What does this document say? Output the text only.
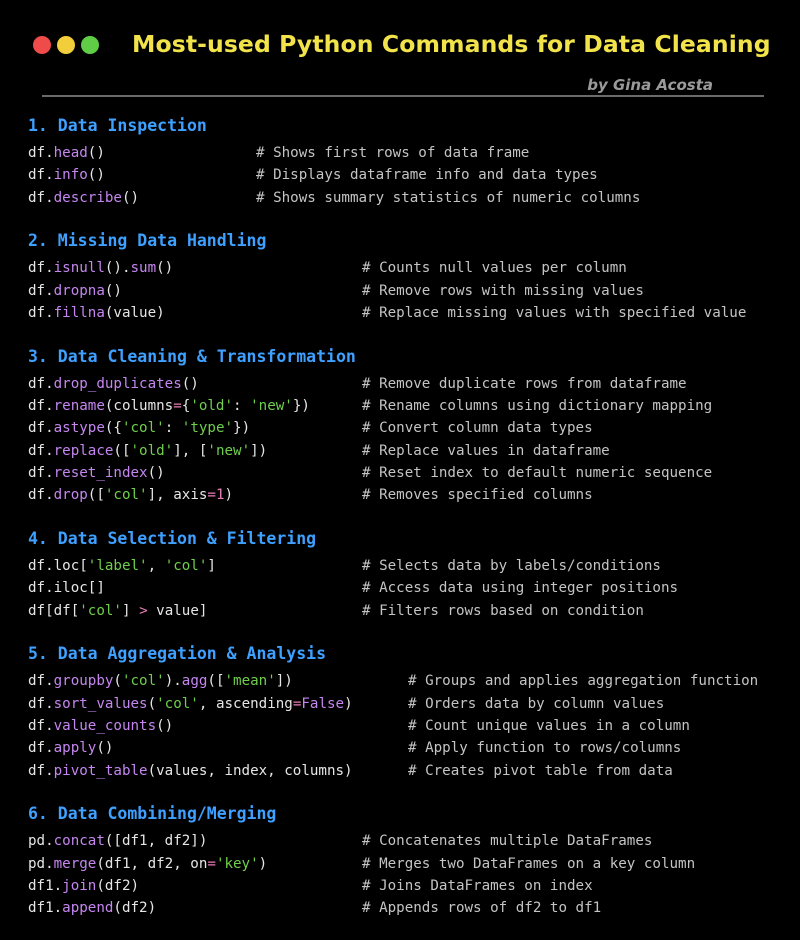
Most-used Python Commands for Data Cleaning
by Gina Acosta
1. Data Inspection
df.head()	# Shows first rows of data frame
df.info()	# Displays dataframe info and data types
df.describe()	# Shows summary statistics of numeric columns
2. Missing Data Handling
df.isnull().sum()	# Counts null values per column
df.dropna()	# Remove rows with missing values
df.fillna(value)	# Replace missing values with specified value
3. Data Cleaning & Transformation
df.drop_duplicates()	# Remove duplicate rows from dataframe
df.rename(columns={'old': 'new'})	# Rename columns using dictionary mapping
df.astype({'col': 'type'})	# Convert column data types
df.replace(['old'], ['new'])	# Replace values in dataframe
df.reset_index()	# Reset index to default numeric sequence
df.drop(['col'], axis=1)	# Removes specified columns
4. Data Selection & Filtering
df.loc['label', 'col']	# Selects data by labels/conditions
df.iloc[]	# Access data using integer positions
df[df['col'] > value]	# Filters rows based on condition
5. Data Aggregation & Analysis
df.groupby('col').agg(['mean'])	# Groups and applies aggregation function
df.sort_values('col', ascending=False)	# Orders data by column values
df.value_counts()	# Count unique values in a column
df.apply()	# Apply function to rows/columns
df.pivot_table(values, index, columns)	# Creates pivot table from data
6. Data Combining/Merging
pd.concat([df1, df2])	# Concatenates multiple DataFrames
pd.merge(df1, df2, on='key')	# Merges two DataFrames on a key column
df1.join(df2)	# Joins DataFrames on index
df1.append(df2)	# Appends rows of df2 to df1
